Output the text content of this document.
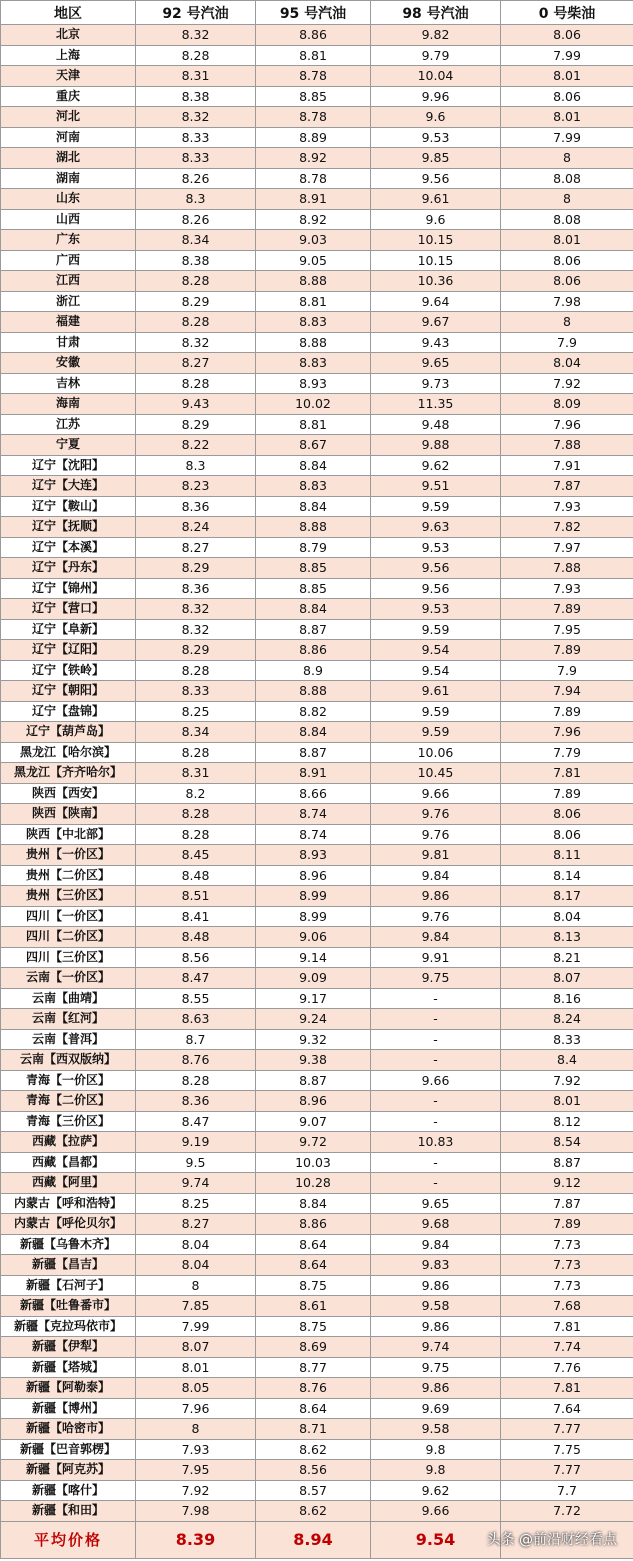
地区	92 号汽油	95 号汽油	98 号汽油	0 号柴油
北京	8.32	8.86	9.82	8.06
上海	8.28	8.81	9.79	7.99
天津	8.31	8.78	10.04	8.01
重庆	8.38	8.85	9.96	8.06
河北	8.32	8.78	9.6	8.01
河南	8.33	8.89	9.53	7.99
湖北	8.33	8.92	9.85	8
湖南	8.26	8.78	9.56	8.08
山东	8.3	8.91	9.61	8
山西	8.26	8.92	9.6	8.08
广东	8.34	9.03	10.15	8.01
广西	8.38	9.05	10.15	8.06
江西	8.28	8.88	10.36	8.06
浙江	8.29	8.81	9.64	7.98
福建	8.28	8.83	9.67	8
甘肃	8.32	8.88	9.43	7.9
安徽	8.27	8.83	9.65	8.04
吉林	8.28	8.93	9.73	7.92
海南	9.43	10.02	11.35	8.09
江苏	8.29	8.81	9.48	7.96
宁夏	8.22	8.67	9.88	7.88
辽宁【沈阳】	8.3	8.84	9.62	7.91
辽宁【大连】	8.23	8.83	9.51	7.87
辽宁【鞍山】	8.36	8.84	9.59	7.93
辽宁【抚顺】	8.24	8.88	9.63	7.82
辽宁【本溪】	8.27	8.79	9.53	7.97
辽宁【丹东】	8.29	8.85	9.56	7.88
辽宁【锦州】	8.36	8.85	9.56	7.93
辽宁【营口】	8.32	8.84	9.53	7.89
辽宁【阜新】	8.32	8.87	9.59	7.95
辽宁【辽阳】	8.29	8.86	9.54	7.89
辽宁【铁岭】	8.28	8.9	9.54	7.9
辽宁【朝阳】	8.33	8.88	9.61	7.94
辽宁【盘锦】	8.25	8.82	9.59	7.89
辽宁【葫芦岛】	8.34	8.84	9.59	7.96
黑龙江【哈尔滨】	8.28	8.87	10.06	7.79
黑龙江【齐齐哈尔】	8.31	8.91	10.45	7.81
陕西【西安】	8.2	8.66	9.66	7.89
陕西【陕南】	8.28	8.74	9.76	8.06
陕西【中北部】	8.28	8.74	9.76	8.06
贵州【一价区】	8.45	8.93	9.81	8.11
贵州【二价区】	8.48	8.96	9.84	8.14
贵州【三价区】	8.51	8.99	9.86	8.17
四川【一价区】	8.41	8.99	9.76	8.04
四川【二价区】	8.48	9.06	9.84	8.13
四川【三价区】	8.56	9.14	9.91	8.21
云南【一价区】	8.47	9.09	9.75	8.07
云南【曲靖】	8.55	9.17	-	8.16
云南【红河】	8.63	9.24	-	8.24
云南【普洱】	8.7	9.32	-	8.33
云南【西双版纳】	8.76	9.38	-	8.4
青海【一价区】	8.28	8.87	9.66	7.92
青海【二价区】	8.36	8.96	-	8.01
青海【三价区】	8.47	9.07	-	8.12
西藏【拉萨】	9.19	9.72	10.83	8.54
西藏【昌都】	9.5	10.03	-	8.87
西藏【阿里】	9.74	10.28	-	9.12
内蒙古【呼和浩特】	8.25	8.84	9.65	7.87
内蒙古【呼伦贝尔】	8.27	8.86	9.68	7.89
新疆【乌鲁木齐】	8.04	8.64	9.84	7.73
新疆【昌吉】	8.04	8.64	9.83	7.73
新疆【石河子】	8	8.75	9.86	7.73
新疆【吐鲁番市】	7.85	8.61	9.58	7.68
新疆【克拉玛依市】	7.99	8.75	9.86	7.81
新疆【伊犁】	8.07	8.69	9.74	7.74
新疆【塔城】	8.01	8.77	9.75	7.76
新疆【阿勒泰】	8.05	8.76	9.86	7.81
新疆【博州】	7.96	8.64	9.69	7.64
新疆【哈密市】	8	8.71	9.58	7.77
新疆【巴音郭楞】	7.93	8.62	9.8	7.75
新疆【阿克苏】	7.95	8.56	9.8	7.77
新疆【喀什】	7.92	8.57	9.62	7.7
新疆【和田】	7.98	8.62	9.66	7.72
平均价格	8.39	8.94	9.54	头条 @前沿财经看点
